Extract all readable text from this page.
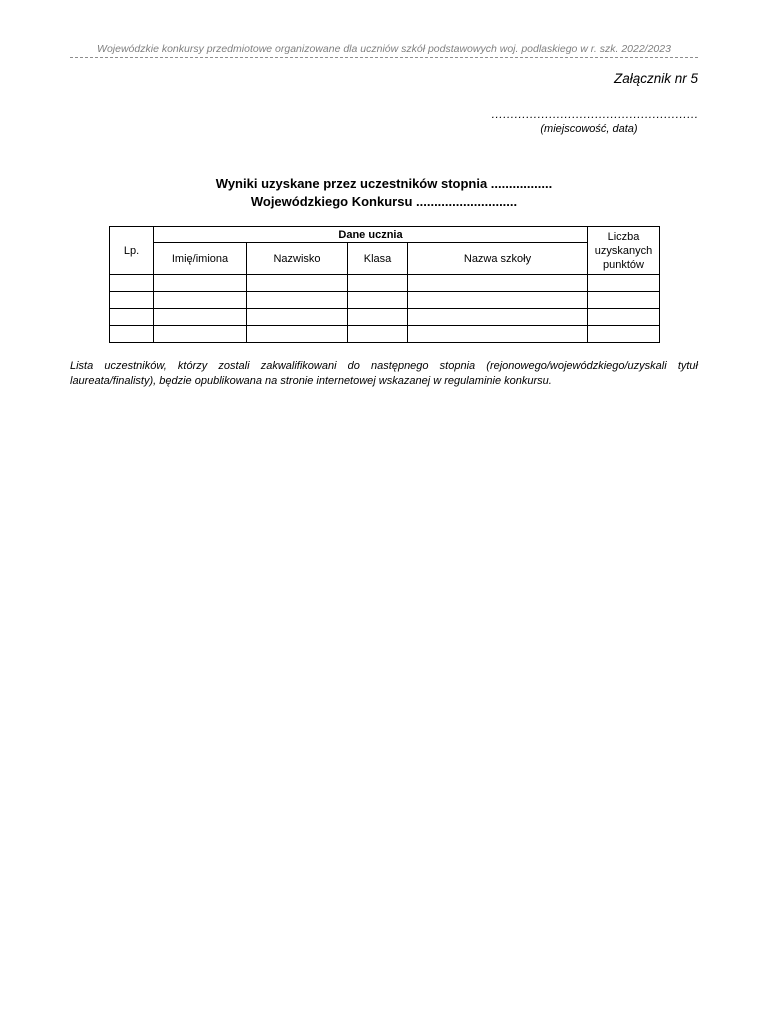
Wojewódzkie konkursy przedmiotowe organizowane dla uczniów szkół podstawowych woj. podlaskiego w r. szk. 2022/2023
Załącznik nr 5
………………………………………………
(miejscowość, data)
Wyniki uzyskane przez uczestników stopnia .................
Wojewódzkiego Konkursu ............................
Lp.	Dane ucznia				Liczba uzyskanych punktów
	Imię/imiona	Nazwisko	Klasa	Nazwa szkoły	

Lista uczestników, którzy zostali zakwalifikowani do następnego stopnia (rejonowego/wojewódzkiego/uzyskali tytuł laureata/finalisty), będzie opublikowana na stronie internetowej wskazanej w regulaminie konkursu.
